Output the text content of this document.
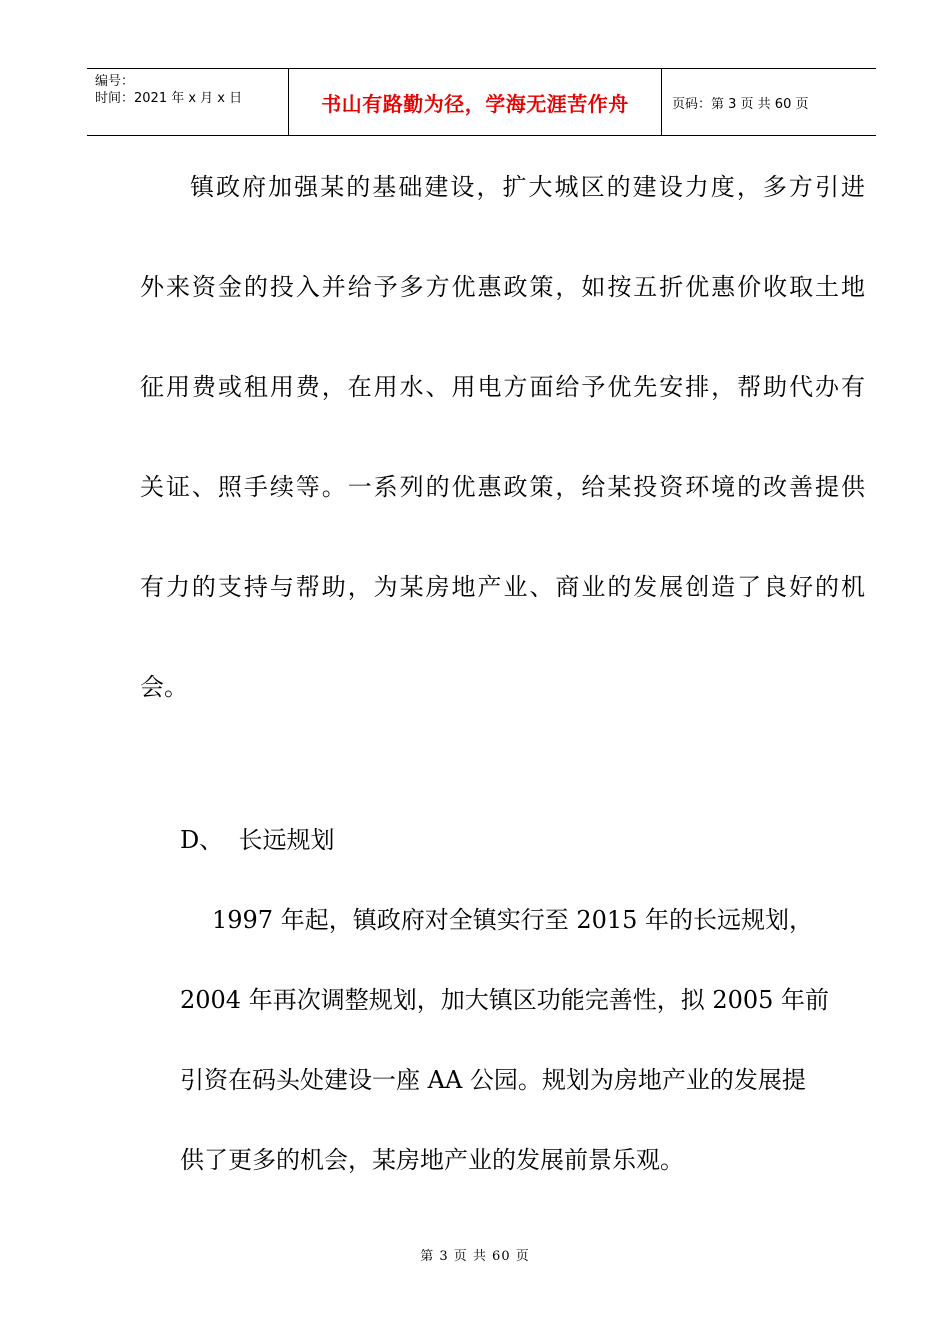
编号：
时间：2021 年 x 月 x 日	书山有路勤为径，学海无涯苦作舟	页码：第 3 页 共 60 页
镇政府加强某的基础建设，扩大城区的建设力度，多方引进
外来资金的投入并给予多方优惠政策，如按五折优惠价收取土地
征用费或租用费，在用水、用电方面给予优先安排，帮助代办有
关证、照手续等。一系列的优惠政策，给某投资环境的改善提供
有力的支持与帮助，为某房地产业、商业的发展创造了良好的机
会。
D、  长远规划
1997 年起，镇政府对全镇实行至 2015 年的长远规划，
2004 年再次调整规划，加大镇区功能完善性，拟 2005 年前
引资在码头处建设一座 AA 公园。规划为房地产业的发展提
供了更多的机会，某房地产业的发展前景乐观。
第 3 页 共 60 页
